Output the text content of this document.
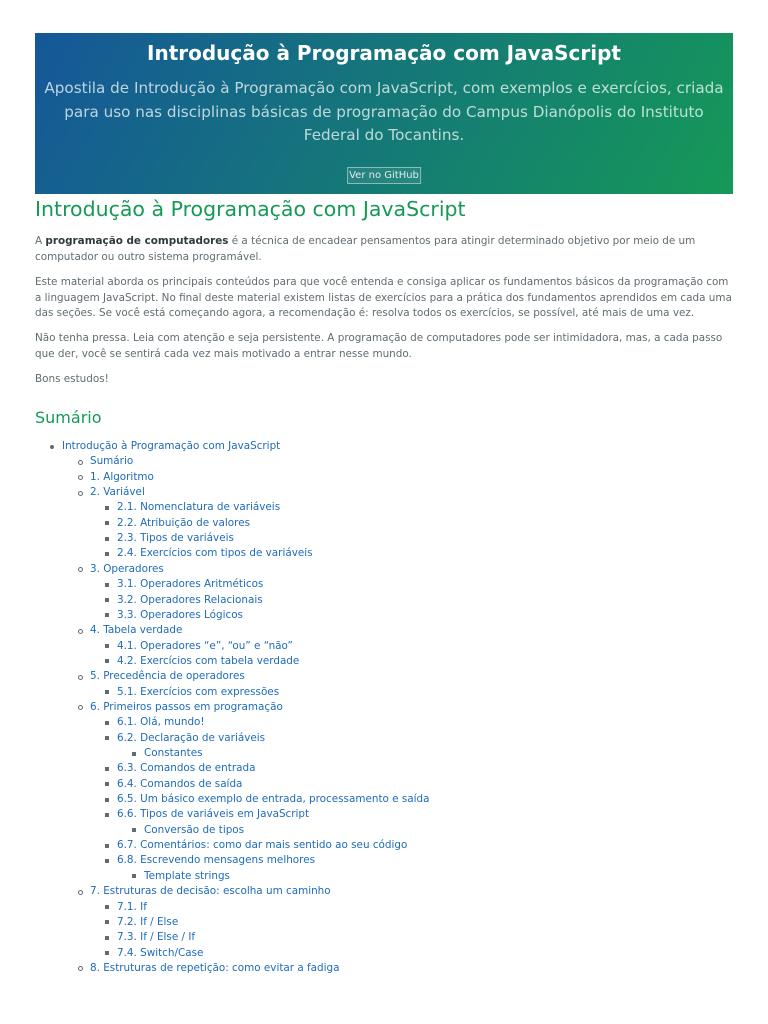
Introdução à Programação com JavaScript

Apostila de Introdução à Programação com JavaScript, com exemplos e exercícios, criada para uso nas disciplinas básicas de programação do Campus Dianópolis do Instituto Federal do Tocantins.

Ver no GitHub
Introdução à Programação com JavaScript

A programação de computadores é a técnica de encadear pensamentos para atingir determinado objetivo por meio de um computador ou outro sistema programável.

Este material aborda os principais conteúdos para que você entenda e consiga aplicar os fundamentos básicos da programação com a linguagem JavaScript. No final deste material existem listas de exercícios para a prática dos fundamentos aprendidos em cada uma das seções. Se você está começando agora, a recomendação é: resolva todos os exercícios, se possível, até mais de uma vez.

Não tenha pressa. Leia com atenção e seja persistente. A programação de computadores pode ser intimidadora, mas, a cada passo que der, você se sentirá cada vez mais motivado a entrar nesse mundo.

Bons estudos!

Sumário
Introdução à Programação com JavaScript
Sumário
1. Algoritmo
2. Variável
2.1. Nomenclatura de variáveis
2.2. Atribuição de valores
2.3. Tipos de variáveis
2.4. Exercícios com tipos de variáveis
3. Operadores
3.1. Operadores Aritméticos
3.2. Operadores Relacionais
3.3. Operadores Lógicos
4. Tabela verdade
4.1. Operadores “e”, “ou” e “não”
4.2. Exercícios com tabela verdade
5. Precedência de operadores
5.1. Exercícios com expressões
6. Primeiros passos em programação
6.1. Olá, mundo!
6.2. Declaração de variáveis
Constantes
6.3. Comandos de entrada
6.4. Comandos de saída
6.5. Um básico exemplo de entrada, processamento e saída
6.6. Tipos de variáveis em JavaScript
Conversão de tipos
6.7. Comentários: como dar mais sentido ao seu código
6.8. Escrevendo mensagens melhores
Template strings
7. Estruturas de decisão: escolha um caminho
7.1. If
7.2. If / Else
7.3. If / Else / If
7.4. Switch/Case
8. Estruturas de repetição: como evitar a fadiga
